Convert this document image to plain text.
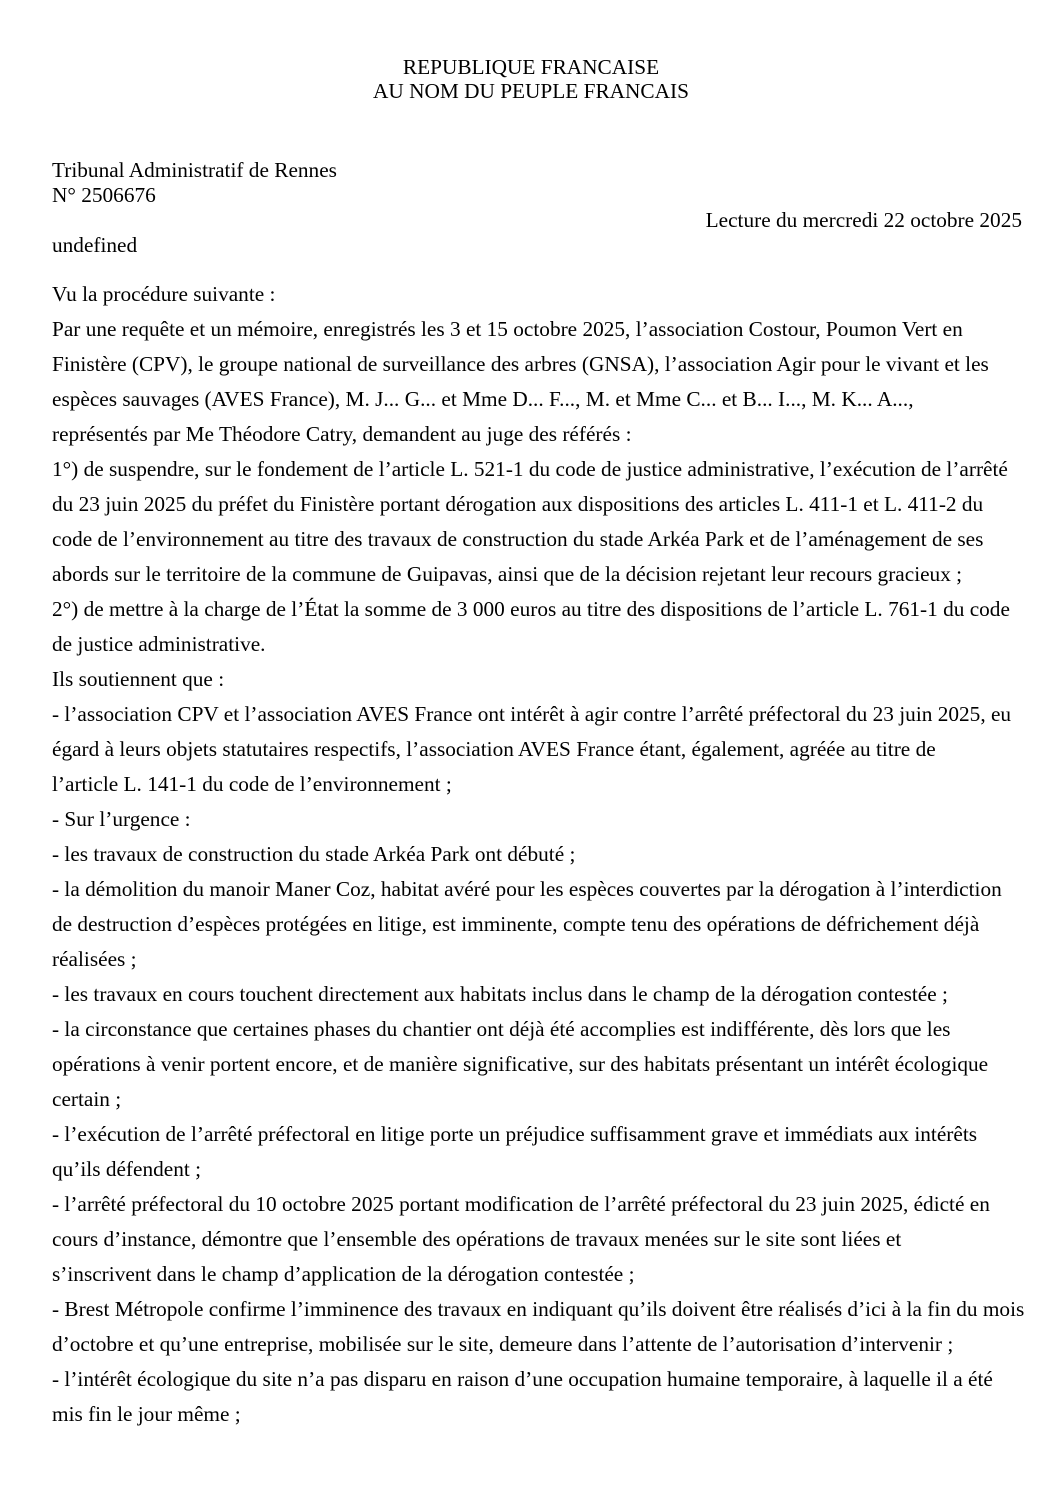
REPUBLIQUE FRANCAISE
AU NOM DU PEUPLE FRANCAIS
Tribunal Administratif de Rennes
N° 2506676
Lecture du mercredi 22 octobre 2025
undefined
Vu la procédure suivante :
Par une requête et un mémoire, enregistrés les 3 et 15 octobre 2025, l’association Costour, Poumon Vert en
Finistère (CPV), le groupe national de surveillance des arbres (GNSA), l’association Agir pour le vivant et les
espèces sauvages (AVES France), M. J... G... et Mme D... F..., M. et Mme C... et B... I..., M. K... A...,
représentés par Me Théodore Catry, demandent au juge des référés :
1°) de suspendre, sur le fondement de l’article L. 521-1 du code de justice administrative, l’exécution de l’arrêté
du 23 juin 2025 du préfet du Finistère portant dérogation aux dispositions des articles L. 411-1 et L. 411-2 du
code de l’environnement au titre des travaux de construction du stade Arkéa Park et de l’aménagement de ses
abords sur le territoire de la commune de Guipavas, ainsi que de la décision rejetant leur recours gracieux ;
2°) de mettre à la charge de l’État la somme de 3 000 euros au titre des dispositions de l’article L. 761-1 du code
de justice administrative.
Ils soutiennent que :
- l’association CPV et l’association AVES France ont intérêt à agir contre l’arrêté préfectoral du 23 juin 2025, eu
égard à leurs objets statutaires respectifs, l’association AVES France étant, également, agréée au titre de
l’article L. 141-1 du code de l’environnement ;
- Sur l’urgence :
- les travaux de construction du stade Arkéa Park ont débuté ;
- la démolition du manoir Maner Coz, habitat avéré pour les espèces couvertes par la dérogation à l’interdiction
de destruction d’espèces protégées en litige, est imminente, compte tenu des opérations de défrichement déjà
réalisées ;
- les travaux en cours touchent directement aux habitats inclus dans le champ de la dérogation contestée ;
- la circonstance que certaines phases du chantier ont déjà été accomplies est indifférente, dès lors que les
opérations à venir portent encore, et de manière significative, sur des habitats présentant un intérêt écologique
certain ;
- l’exécution de l’arrêté préfectoral en litige porte un préjudice suffisamment grave et immédiats aux intérêts
qu’ils défendent ;
- l’arrêté préfectoral du 10 octobre 2025 portant modification de l’arrêté préfectoral du 23 juin 2025, édicté en
cours d’instance, démontre que l’ensemble des opérations de travaux menées sur le site sont liées et
s’inscrivent dans le champ d’application de la dérogation contestée ;
- Brest Métropole confirme l’imminence des travaux en indiquant qu’ils doivent être réalisés d’ici à la fin du mois
d’octobre et qu’une entreprise, mobilisée sur le site, demeure dans l’attente de l’autorisation d’intervenir ;
- l’intérêt écologique du site n’a pas disparu en raison d’une occupation humaine temporaire, à laquelle il a été
mis fin le jour même ;
